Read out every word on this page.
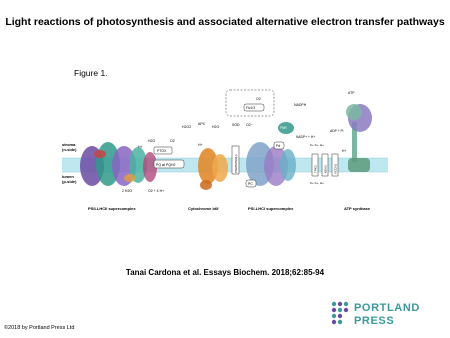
Light reactions of photosynthesis and associated alternative electron transfer pathways
Figure 1.
stroma
(n-side)
lumen
(p-side)
PSII-LHCII supercomplex
H+
2 H2O	O2 + 4 H+
H2O	O2
PTOX
PQ ⇌ PQH2
H2O2
APX
H2O	SOD O2−
O2
Flv1/3
H+
Cytochrome b6f
PGR5/PGRL1
PSI-LHCI supercomplex
PC
Fd
FNR
NADPH
NADP+ + H+
TPK3 KEA3 VCCN1
K+ K+, H+
K+ K+, H+
ATP
ADP + Pi
H+
ATP synthase
Tanai Cardona et al. Essays Biochem. 2018;62:85-94
©2018 by Portland Press Ltd
PORTLAND
PRESS
